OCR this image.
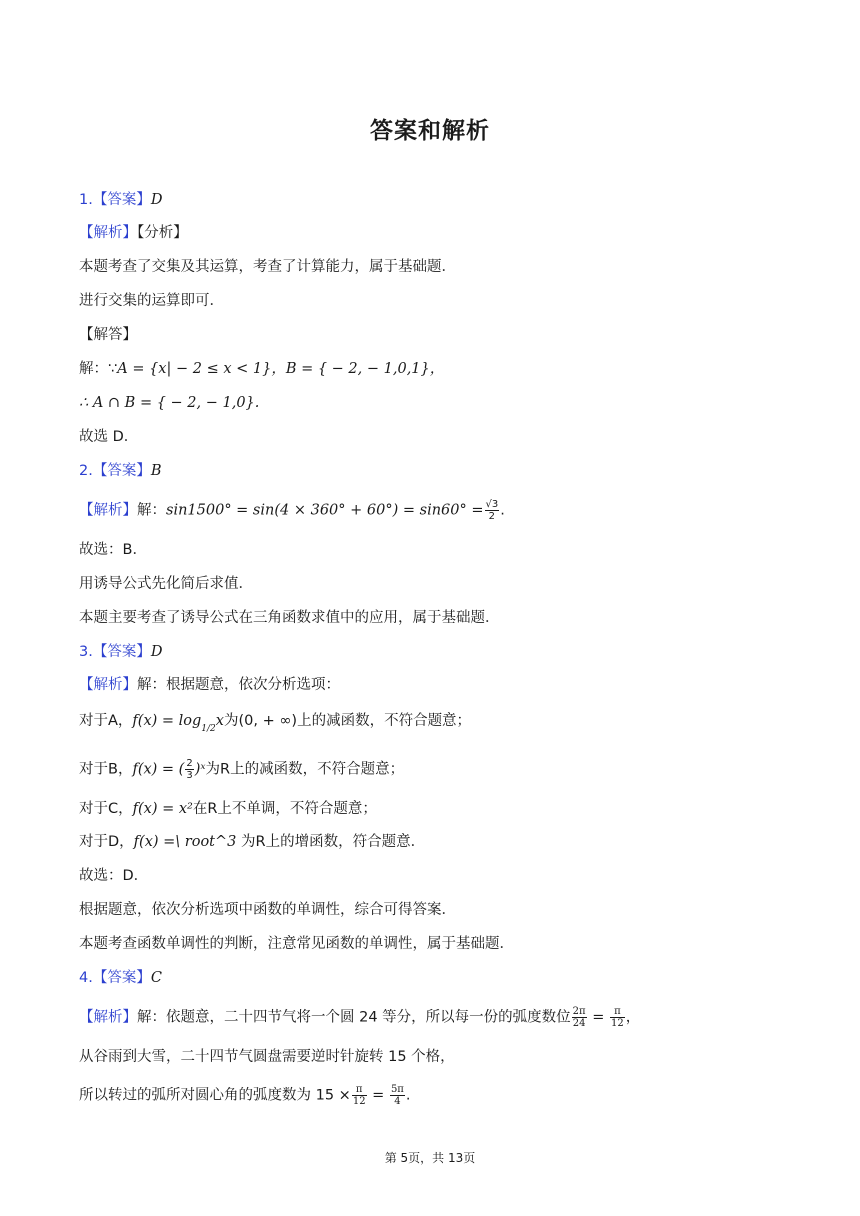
答案和解析
1.【答案】D
【解析】【分析】
本题考查了交集及其运算，考查了计算能力，属于基础题．
进行交集的运算即可．
【解答】
解：∵A = {x| − 2 ≤ x < 1}，B = { − 2, − 1,0,1}，
∴ A ∩ B = { − 2, − 1,0}.
故选 D．
2.【答案】B
【解析】解：$\sin 1500^\circ = \sin(4 \times 360^\circ + 60^\circ) = \sin 60^\circ = \frac{√3}{2}$ .
故选：B．
用诱导公式先化简后求值．
本题主要考查了诱导公式在三角函数求值中的应用，属于基础题．
3.【答案】D
【解析】解：根据题意，依次分析选项：
对于A，$f(x) = \log_{1/2}x$为(0, + ∞)上的减函数，不符合题意；
对于B，f(x) = ( $\frac{2}{3}$ )ˣ为R上的减函数，不符合题意；
对于C，f(x) = x²在R上不单调，不符合题意；
对于D，f(x) =\ root^3 为R上的增函数，符合题意．
故选：D．
根据题意，依次分析选项中函数的单调性，综合可得答案．
本题考查函数单调性的判断，注意常见函数的单调性，属于基础题．
4.【答案】C
【解析】解：依题意，二十四节气将一个圆 24 等分，所以每一份的弧度数位 $\frac{2\pi}{24} = \frac{\pi}{12}$ ，
从谷雨到大雪，二十四节气圆盘需要逆时针旋转 15 个格，
所以转过的弧所对圆心角的弧度数为 $15 \times \frac{\pi}{12} = \frac{5\pi}{4}$ .
第 5页，共 13页
